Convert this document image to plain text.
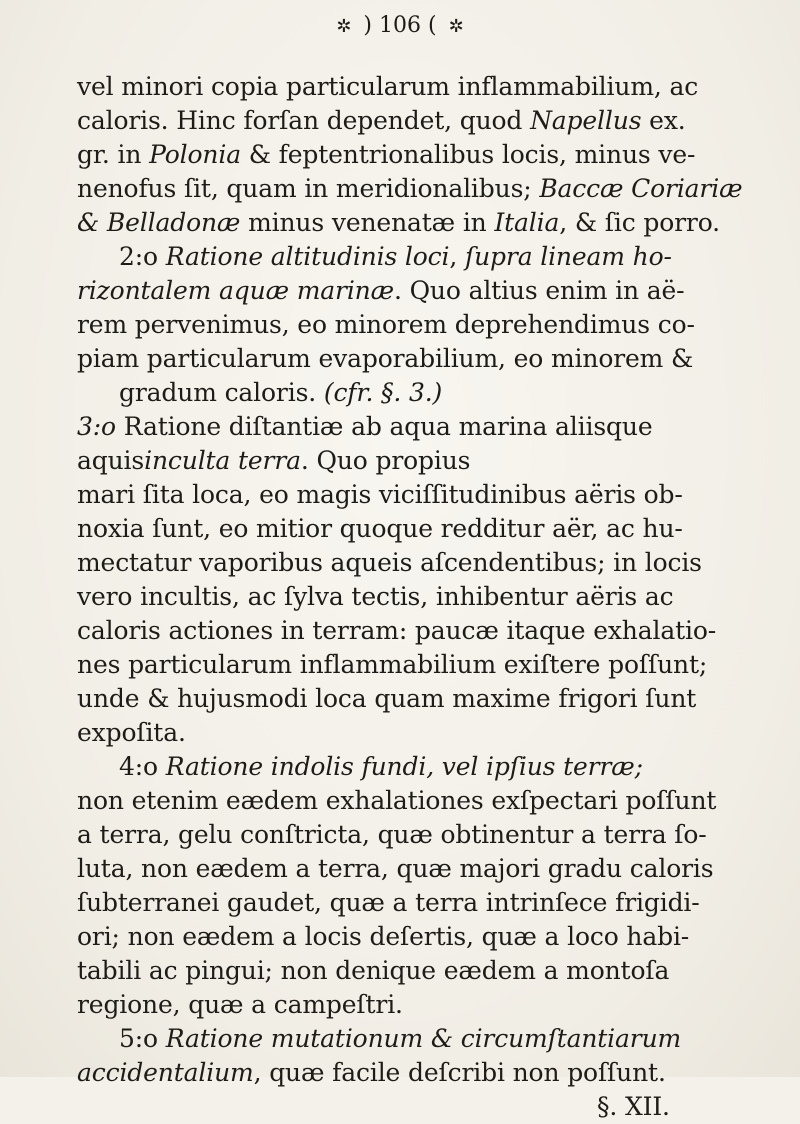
✲ ) 106 ( ✲
vel minori copia particularum inflammabilium, ac
caloris. Hinc forſan dependet, quod Napellus ex.
gr. in Polonia & feptentrionalibus locis, minus ve-
nenofus ſit, quam in meridionalibus; Baccæ Coriariæ
& Belladonæ minus venenatæ in Italia, & ſic porro.
2:o Ratione altitudinis loci, ſupra lineam ho-
rizontalem aquæ marinæ. Quo altius enim in aë-
rem pervenimus, eo minorem deprehendimus co-
piam particularum evaporabilium, eo minorem &
gradum caloris. (cfr. §. 3.)
3:o Ratione diſtantiæ ab aqua marina aliisque
aquisinculta terra. Quo propius
mari ſita loca, eo magis viciſſitudinibus aëris ob-
noxia ſunt, eo mitior quoque redditur aër, ac hu-
mectatur vaporibus aqueis aſcendentibus; in locis
vero incultis, ac ſylva tectis, inhibentur aëris ac
caloris actiones in terram: paucæ itaque exhalatio-
nes particularum inflammabilium exiſtere poſſunt;
unde & hujusmodi loca quam maxime frigori ſunt
expoſita.
4:o Ratione indolis fundi, vel ipſius terræ;
non etenim eædem exhalationes exſpectari poſſunt
a terra, gelu conſtricta, quæ obtinentur a terra ſo-
luta, non eædem a terra, quæ majori gradu caloris
ſubterranei gaudet, quæ a terra intrinſece frigidi-
ori; non eædem a locis deſertis, quæ a loco habi-
tabili ac pingui; non denique eædem a montoſa
regione, quæ a campeſtri.
5:o Ratione mutationum & circumſtantiarum
accidentalium, quæ facile deſcribi non poſſunt.
§. XII.
